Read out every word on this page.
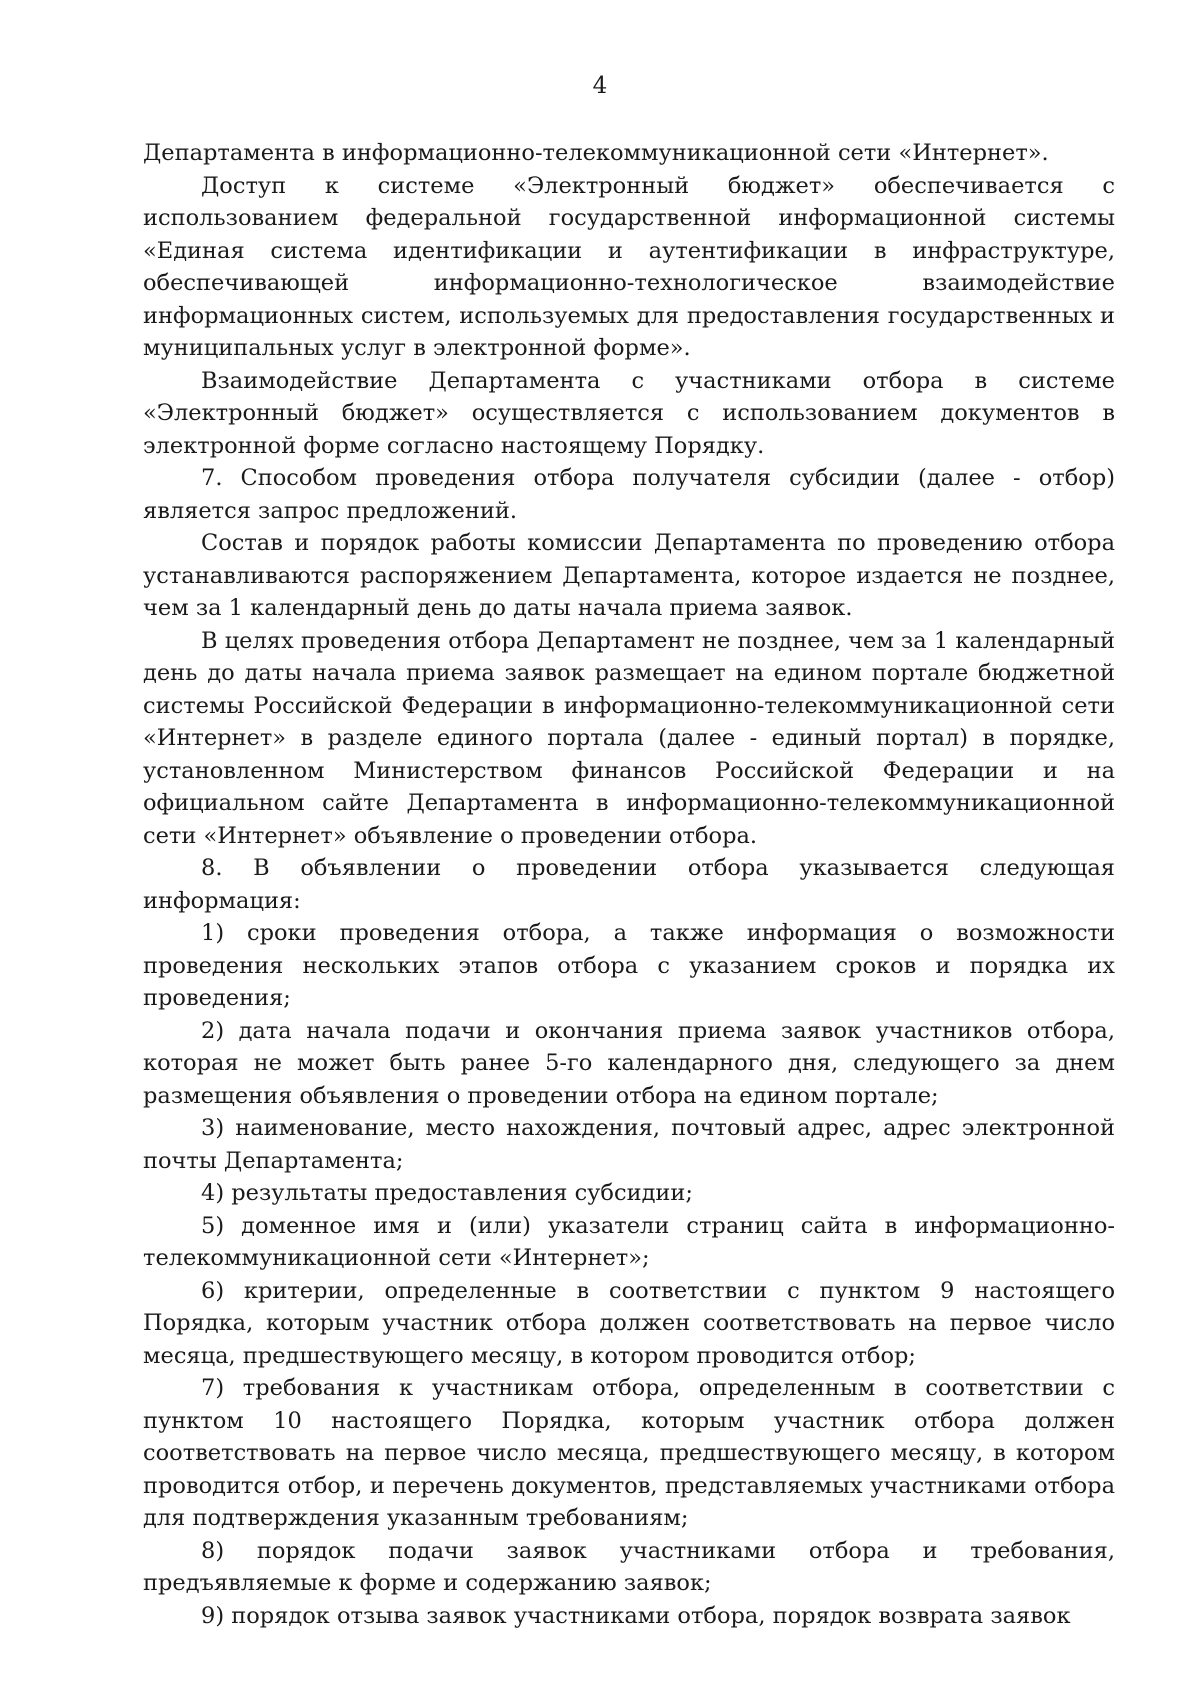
4

Департамента в информационно-телекоммуникационной сети «Интернет».

Доступ к системе «Электронный бюджет» обеспечивается с использованием федеральной государственной информационной системы «Единая система идентификации и аутентификации в инфраструктуре, обеспечивающей информационно-технологическое взаимодействие информационных систем, используемых для предоставления государственных и муниципальных услуг в электронной форме».

Взаимодействие Департамента с участниками отбора в системе «Электронный бюджет» осуществляется с использованием документов в электронной форме согласно настоящему Порядку.

7. Способом проведения отбора получателя субсидии (далее - отбор) является запрос предложений.

Состав и порядок работы комиссии Департамента по проведению отбора устанавливаются распоряжением Департамента, которое издается не позднее, чем за 1 календарный день до даты начала приема заявок.

В целях проведения отбора Департамент не позднее, чем за 1 календарный день до даты начала приема заявок размещает на едином портале бюджетной системы Российской Федерации в информационно-телекоммуникационной сети «Интернет» в разделе единого портала (далее - единый портал) в порядке, установленном Министерством финансов Российской Федерации и на официальном сайте Департамента в информационно-телекоммуникационной сети «Интернет» объявление о проведении отбора.

8. В объявлении о проведении отбора указывается следующая информация:

1) сроки проведения отбора, а также информация о возможности проведения нескольких этапов отбора с указанием сроков и порядка их проведения;

2) дата начала подачи и окончания приема заявок участников отбора, которая не может быть ранее 5-го календарного дня, следующего за днем размещения объявления о проведении отбора на едином портале;

3) наименование, место нахождения, почтовый адрес, адрес электронной почты Департамента;

4) результаты предоставления субсидии;

5) доменное имя и (или) указатели страниц сайта в информационно-телекоммуникационной сети «Интернет»;

6) критерии, определенные в соответствии с пунктом 9 настоящего Порядка, которым участник отбора должен соответствовать на первое число месяца, предшествующего месяцу, в котором проводится отбор;

7) требования к участникам отбора, определенным в соответствии с пунктом 10 настоящего Порядка, которым участник отбора должен соответствовать на первое число месяца, предшествующего месяцу, в котором проводится отбор, и перечень документов, представляемых участниками отбора для подтверждения указанным требованиям;

8) порядок подачи заявок участниками отбора и требования, предъявляемые к форме и содержанию заявок;

9) порядок отзыва заявок участниками отбора, порядок возврата заявок
